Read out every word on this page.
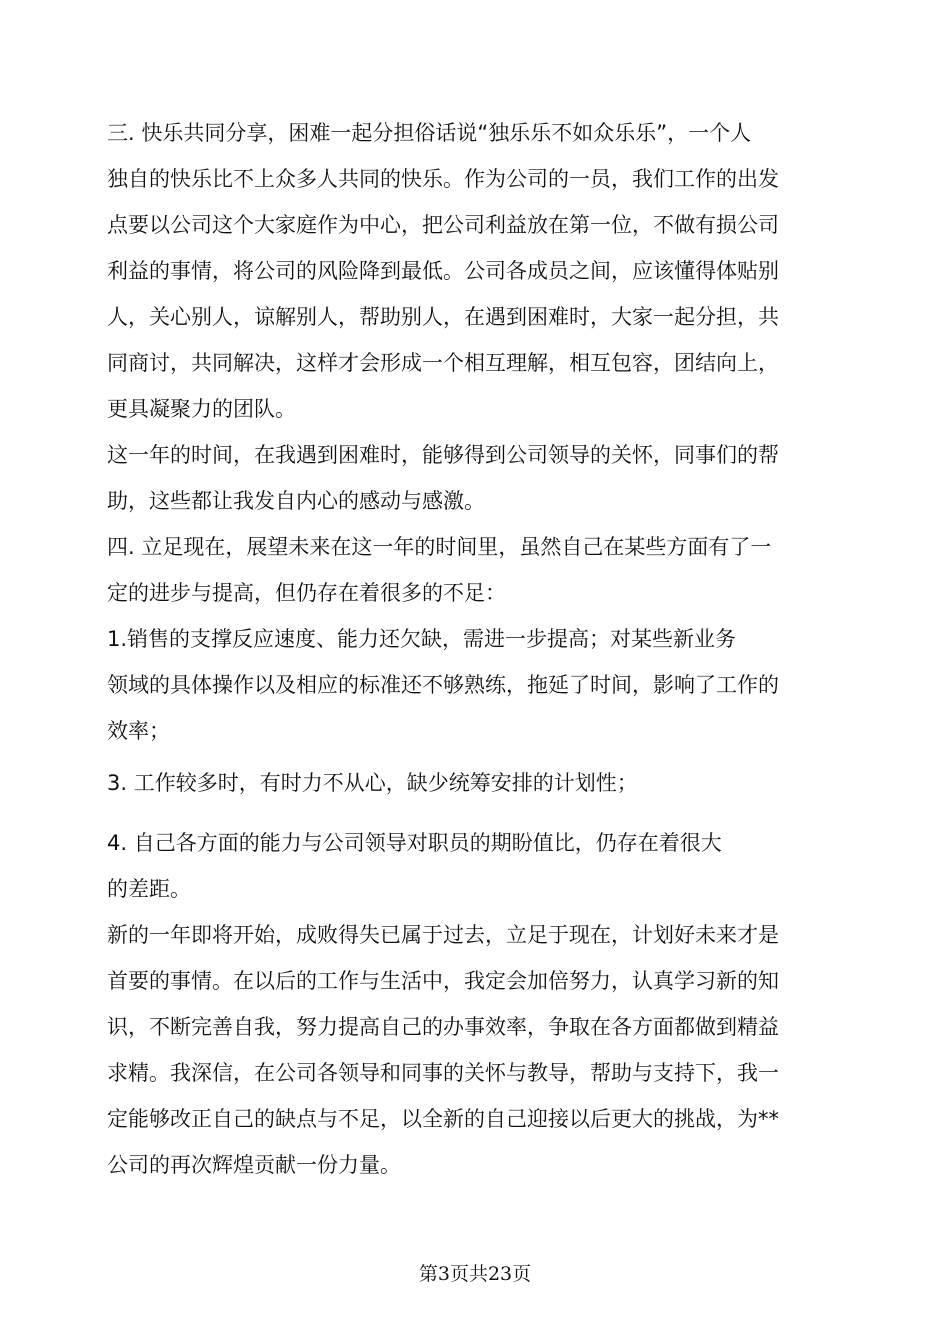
三. 快乐共同分享，困难一起分担俗话说“独乐乐不如众乐乐”，一个人
独自的快乐比不上众多人共同的快乐。作为公司的一员，我们工作的出发
点要以公司这个大家庭作为中心，把公司利益放在第一位，不做有损公司
利益的事情，将公司的风险降到最低。公司各成员之间，应该懂得体贴别
人，关心别人，谅解别人，帮助别人，在遇到困难时，大家一起分担，共
同商讨，共同解决，这样才会形成一个相互理解，相互包容，团结向上，
更具凝聚力的团队。

这一年的时间，在我遇到困难时，能够得到公司领导的关怀，同事们的帮
助，这些都让我发自内心的感动与感激。

四. 立足现在，展望未来在这一年的时间里，虽然自己在某些方面有了一
定的进步与提高，但仍存在着很多的不足：

1.销售的支撑反应速度、能力还欠缺，需进一步提高；对某些新业务
领域的具体操作以及相应的标准还不够熟练，拖延了时间，影响了工作的
效率；

3. 工作较多时，有时力不从心，缺少统筹安排的计划性；

4. 自己各方面的能力与公司领导对职员的期盼值比，仍存在着很大
的差距。

新的一年即将开始，成败得失已属于过去，立足于现在，计划好未来才是
首要的事情。在以后的工作与生活中，我定会加倍努力，认真学习新的知
识，不断完善自我，努力提高自己的办事效率，争取在各方面都做到精益
求精。我深信，在公司各领导和同事的关怀与教导，帮助与支持下，我一
定能够改正自己的缺点与不足，以全新的自己迎接以后更大的挑战，为**
公司的再次辉煌贡献一份力量。

第3页共23页
